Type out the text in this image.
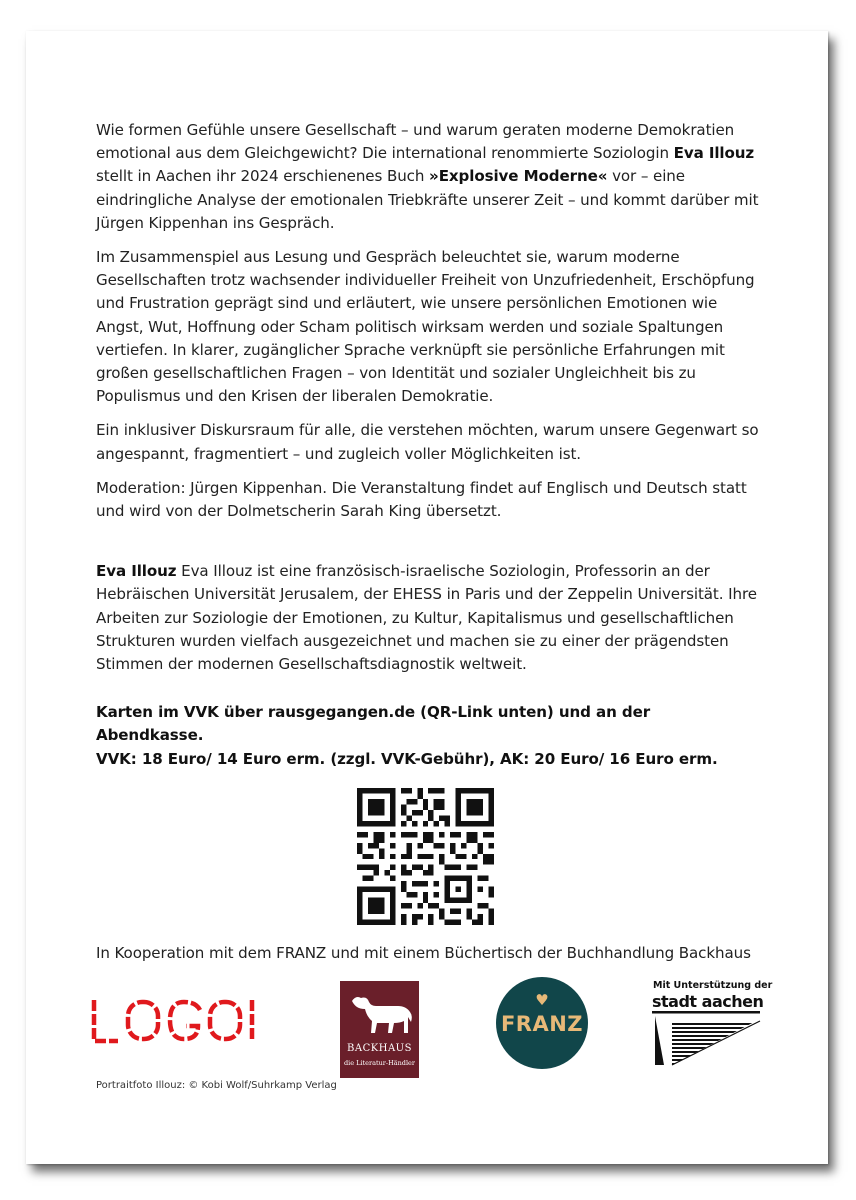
Wie formen Gefühle unsere Gesellschaft – und warum geraten moderne Demokratien emotional aus dem Gleichgewicht? Die international renommierte Soziologin Eva Illouz stellt in Aachen ihr 2024 erschienenes Buch »Explosive Moderne« vor – eine eindringliche Analyse der emotionalen Triebkräfte unserer Zeit – und kommt darüber mit Jürgen Kippenhan ins Gespräch.

Im Zusammenspiel aus Lesung und Gespräch beleuchtet sie, warum moderne Gesellschaften trotz wachsender individueller Freiheit von Unzufriedenheit, Erschöpfung und Frustration geprägt sind und erläutert, wie unsere persönlichen Emotionen wie Angst, Wut, Hoffnung oder Scham politisch wirksam werden und soziale Spaltungen vertiefen. In klarer, zugänglicher Sprache verknüpft sie persönliche Erfahrungen mit großen gesellschaftlichen Fragen – von Identität und sozialer Ungleichheit bis zu Populismus und den Krisen der liberalen Demokratie.

Ein inklusiver Diskursraum für alle, die verstehen möchten, warum unsere Gegenwart so angespannt, fragmentiert – und zugleich voller Möglichkeiten ist.

Moderation: Jürgen Kippenhan. Die Veranstaltung findet auf Englisch und Deutsch statt und wird von der Dolmetscherin Sarah King übersetzt.

Eva Illouz Eva Illouz ist eine französisch-israelische Soziologin, Professorin an der Hebräischen Universität Jerusalem, der EHESS in Paris und der Zeppelin Universität. Ihre Arbeiten zur Soziologie der Emotionen, zu Kultur, Kapitalismus und gesellschaftlichen Strukturen wurden vielfach ausgezeichnet und machen sie zu einer der prägendsten Stimmen der modernen Gesellschaftsdiagnostik weltweit.

Karten im VVK über rausgegangen.de (QR-Link unten) und an der Abendkasse.

VVK: 18 Euro/ 14 Euro erm. (zzgl. VVK-Gebühr), AK: 20 Euro/ 16 Euro erm.

In Kooperation mit dem FRANZ und mit einem Büchertisch der Buchhandlung Backhaus
LOGOI
BACKHAUS
die Literatur-Händler
♥
FRANZ
Mit Unterstützung der
stadt aachen
Portraitfoto Illouz: © Kobi Wolf/Suhrkamp Verlag
